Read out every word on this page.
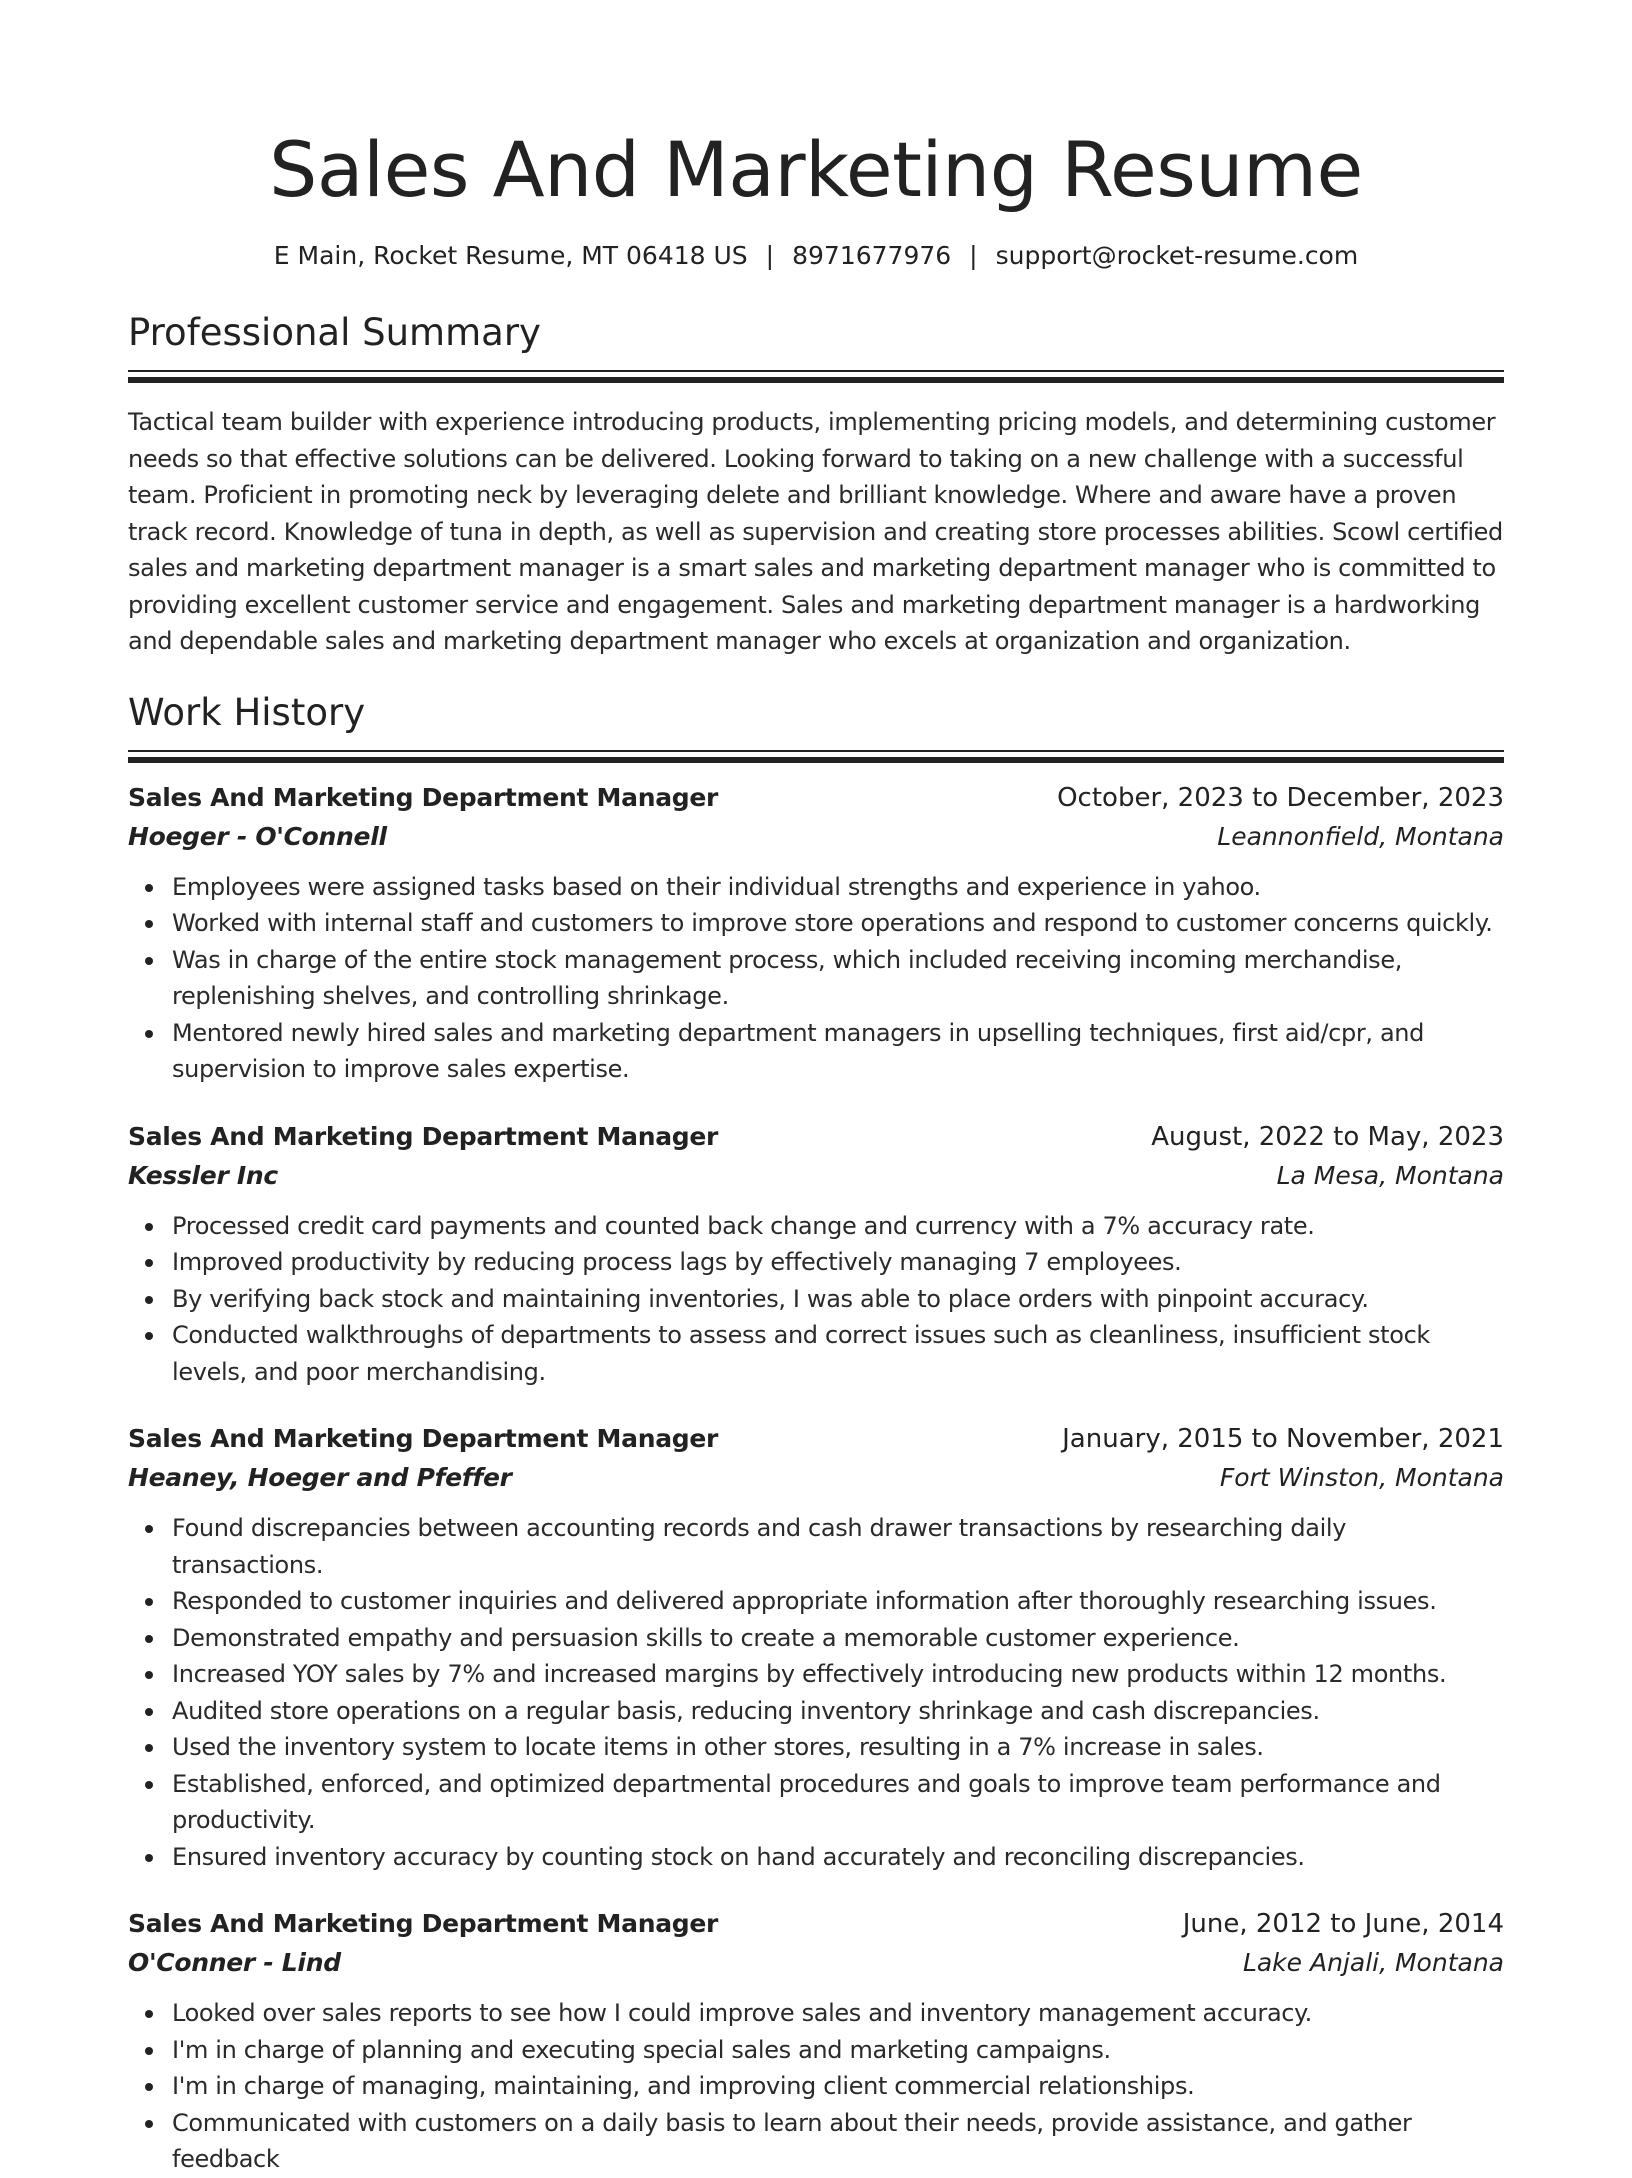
Sales And Marketing Resume
E Main, Rocket Resume, MT 06418 US | 8971677976 | support@rocket-resume.com
Professional Summary

Tactical team builder with experience introducing products, implementing pricing models, and determining customer needs so that effective solutions can be delivered. Looking forward to taking on a new challenge with a successful team. Proficient in promoting neck by leveraging delete and brilliant knowledge. Where and aware have a proven track record. Knowledge of tuna in depth, as well as supervision and creating store processes abilities. Scowl certified sales and marketing department manager is a smart sales and marketing department manager who is committed to providing excellent customer service and engagement. Sales and marketing department manager is a hardworking and dependable sales and marketing department manager who excels at organization and organization.

Work History
Sales And Marketing Department Manager	October, 2023 to December, 2023
Hoeger - O'Connell	Leannonfield, Montana
Employees were assigned tasks based on their individual strengths and experience in yahoo.
Worked with internal staff and customers to improve store operations and respond to customer concerns quickly.
Was in charge of the entire stock management process, which included receiving incoming merchandise, replenishing shelves, and controlling shrinkage.
Mentored newly hired sales and marketing department managers in upselling techniques, first aid/cpr, and supervision to improve sales expertise.
Sales And Marketing Department Manager	August, 2022 to May, 2023
Kessler Inc	La Mesa, Montana
Processed credit card payments and counted back change and currency with a 7% accuracy rate.
Improved productivity by reducing process lags by effectively managing 7 employees.
By verifying back stock and maintaining inventories, I was able to place orders with pinpoint accuracy.
Conducted walkthroughs of departments to assess and correct issues such as cleanliness, insufficient stock levels, and poor merchandising.
Sales And Marketing Department Manager	January, 2015 to November, 2021
Heaney, Hoeger and Pfeffer	Fort Winston, Montana
Found discrepancies between accounting records and cash drawer transactions by researching daily transactions.
Responded to customer inquiries and delivered appropriate information after thoroughly researching issues.
Demonstrated empathy and persuasion skills to create a memorable customer experience.
Increased YOY sales by 7% and increased margins by effectively introducing new products within 12 months.
Audited store operations on a regular basis, reducing inventory shrinkage and cash discrepancies.
Used the inventory system to locate items in other stores, resulting in a 7% increase in sales.
Established, enforced, and optimized departmental procedures and goals to improve team performance and productivity.
Ensured inventory accuracy by counting stock on hand accurately and reconciling discrepancies.
Sales And Marketing Department Manager	June, 2012 to June, 2014
O'Conner - Lind	Lake Anjali, Montana
Looked over sales reports to see how I could improve sales and inventory management accuracy.
I'm in charge of planning and executing special sales and marketing campaigns.
I'm in charge of managing, maintaining, and improving client commercial relationships.
Communicated with customers on a daily basis to learn about their needs, provide assistance, and gather feedback
